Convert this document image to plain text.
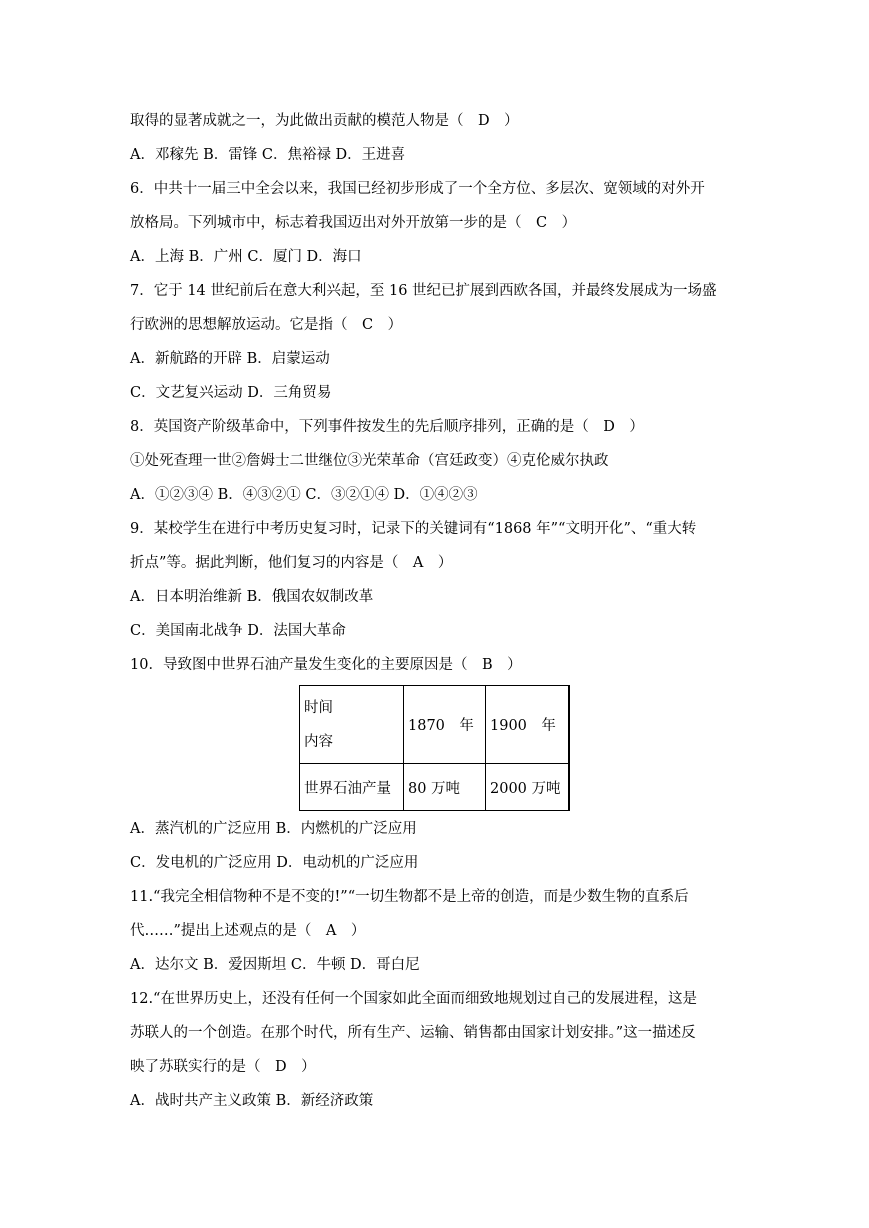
取得的显著成就之一，为此做出贡献的模范人物是（　D　）
A．邓稼先 B．雷锋 C．焦裕禄 D．王进喜
6．中共十一届三中全会以来，我国已经初步形成了一个全方位、多层次、宽领域的对外开
放格局。下列城市中，标志着我国迈出对外开放第一步的是（　C　）
A．上海 B．广州 C．厦门 D．海口
7．它于 14 世纪前后在意大利兴起，至 16 世纪已扩展到西欧各国，并最终发展成为一场盛
行欧洲的思想解放运动。它是指（　C　）
A．新航路的开辟 B．启蒙运动
C．文艺复兴运动 D．三角贸易
8．英国资产阶级革命中，下列事件按发生的先后顺序排列，正确的是（　D　）
①处死查理一世②詹姆士二世继位③光荣革命（宫廷政变）④克伦威尔执政
A．①②③④ B．④③②① C．③②①④ D．①④②③
9．某校学生在进行中考历史复习时，记录下的关键词有“1868 年”“文明开化”、“重大转
折点”等。据此判断，他们复习的内容是（　A　）
A．日本明治维新 B．俄国农奴制改革
C．美国南北战争 D．法国大革命
10．导致图中世界石油产量发生变化的主要原因是（　B　）
时间
内容	1870　年	1900　年
世界石油产量	80 万吨	2000 万吨
A．蒸汽机的广泛应用 B．内燃机的广泛应用
C．发电机的广泛应用 D．电动机的广泛应用
11.“我完全相信物种不是不变的!”“一切生物都不是上帝的创造，而是少数生物的直系后
代……”提出上述观点的是（　A　）
A．达尔文 B．爱因斯坦 C．牛顿 D．哥白尼
12.“在世界历史上，还没有任何一个国家如此全面而细致地规划过自己的发展进程，这是
苏联人的一个创造。在那个时代，所有生产、运输、销售都由国家计划安排。”这一描述反
映了苏联实行的是（　D　）
A．战时共产主义政策 B．新经济政策
